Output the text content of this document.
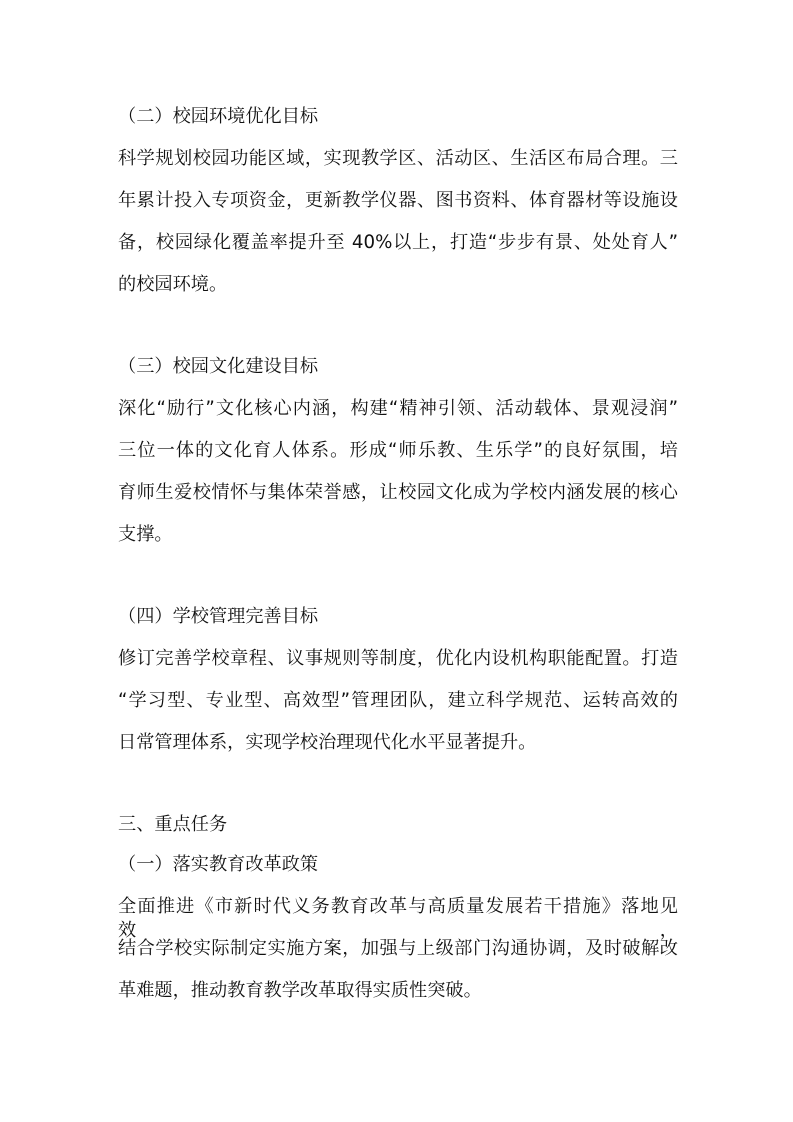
（二）校园环境优化目标
科学规划校园功能区域，实现教学区、活动区、生活区布局合理。三
年累计投入专项资金，更新教学仪器、图书资料、体育器材等设施设
备，校园绿化覆盖率提升至 40%以上，打造“步步有景、处处育人”
的校园环境。
（三）校园文化建设目标
深化“励行”文化核心内涵，构建“精神引领、活动载体、景观浸润”
三位一体的文化育人体系。形成“师乐教、生乐学”的良好氛围，培
育师生爱校情怀与集体荣誉感，让校园文化成为学校内涵发展的核心
支撑。
（四）学校管理完善目标
修订完善学校章程、议事规则等制度，优化内设机构职能配置。打造
“学习型、专业型、高效型”管理团队，建立科学规范、运转高效的
日常管理体系，实现学校治理现代化水平显著提升。
三、重点任务
（一）落实教育改革政策
全面推进《市新时代义务教育改革与高质量发展若干措施》落地见效，
结合学校实际制定实施方案，加强与上级部门沟通协调，及时破解改
革难题，推动教育教学改革取得实质性突破。
